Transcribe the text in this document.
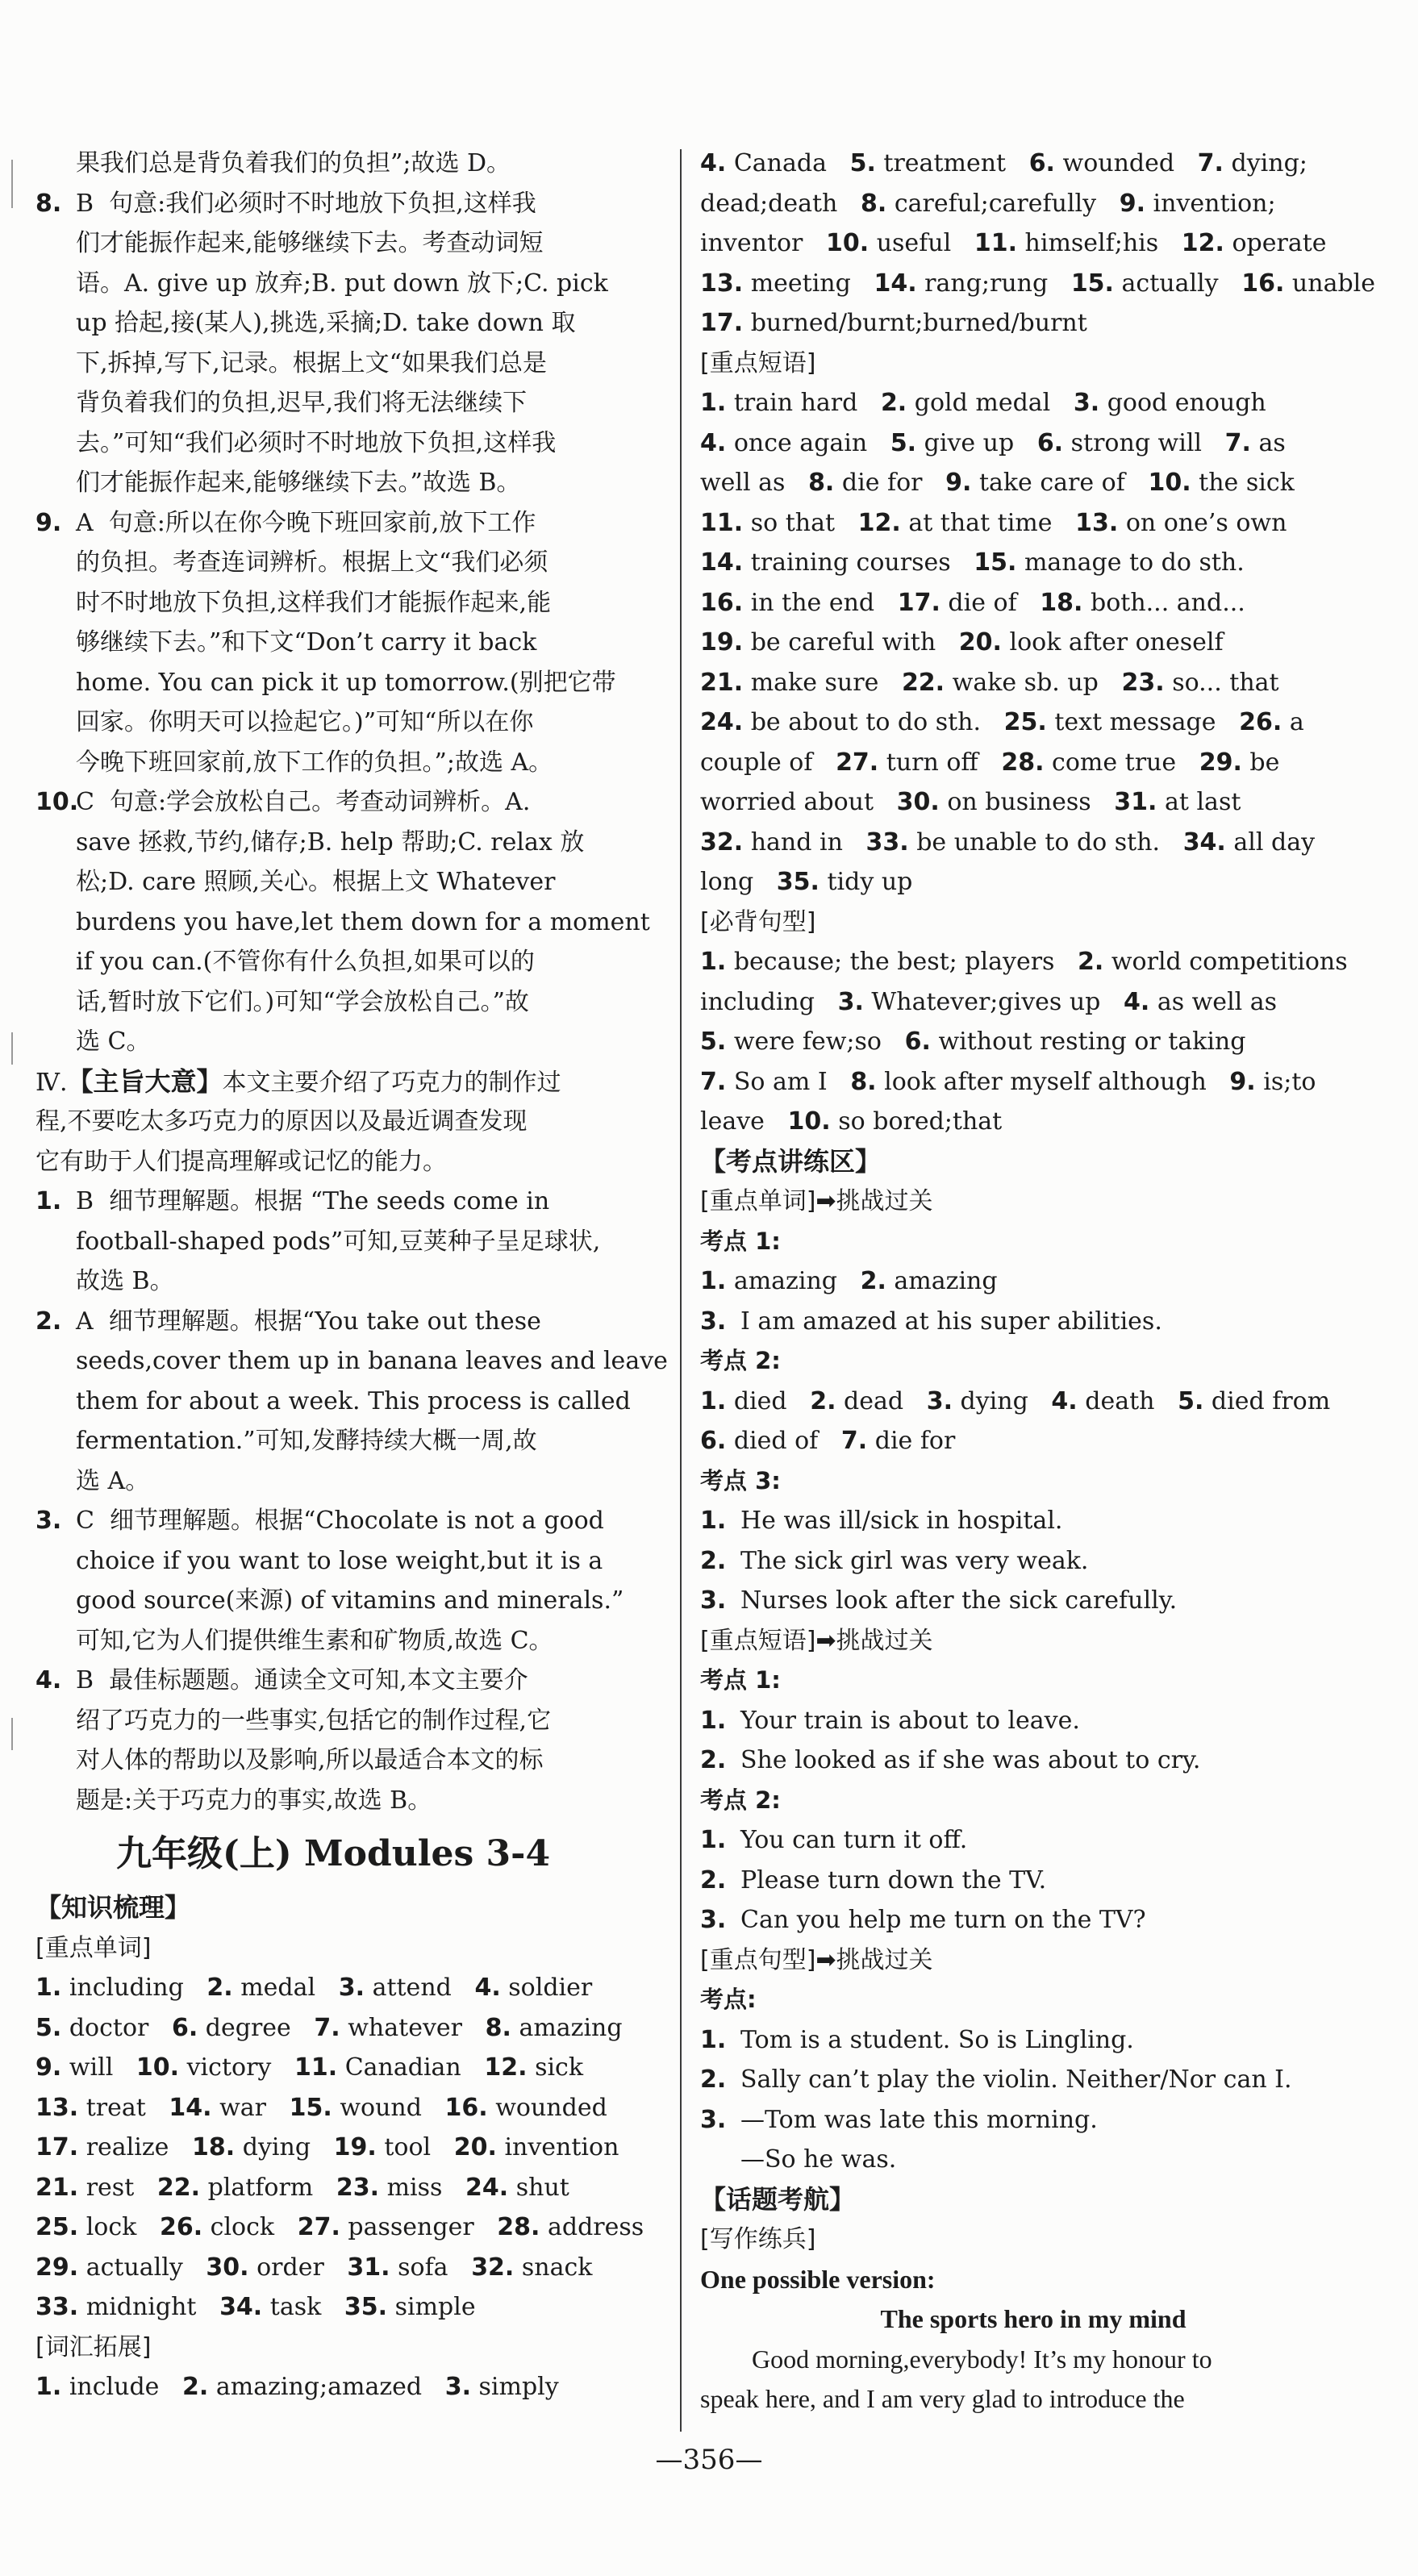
果我们总是背负着我们的负担”;故选 D。
8. B  句意:我们必须时不时地放下负担,这样我
们才能振作起来,能够继续下去。考查动词短
语。A. give up 放弃;B. put down 放下;C. pick
up 拾起,接(某人),挑选,采摘;D. take down 取
下,拆掉,写下,记录。根据上文“如果我们总是
背负着我们的负担,迟早,我们将无法继续下
去。”可知“我们必须时不时地放下负担,这样我
们才能振作起来,能够继续下去。”故选 B。
9. A  句意:所以在你今晚下班回家前,放下工作
的负担。考查连词辨析。根据上文“我们必须
时不时地放下负担,这样我们才能振作起来,能
够继续下去。”和下文“Don’t carry it back
home. You can pick it up tomorrow.(别把它带
回家。你明天可以捡起它。)”可知“所以在你
今晚下班回家前,放下工作的负担。”;故选 A。
10.C  句意:学会放松自己。考查动词辨析。A.
save 拯救,节约,储存;B. help 帮助;C. relax 放
松;D. care 照顾,关心。根据上文 Whatever
burdens you have,let them down for a moment
if you can.(不管你有什么负担,如果可以的
话,暂时放下它们。)可知“学会放松自己。”故
选 C。
Ⅳ.【主旨大意】本文主要介绍了巧克力的制作过
程,不要吃太多巧克力的原因以及最近调查发现
它有助于人们提高理解或记忆的能力。
1. B  细节理解题。根据 “The seeds come in
football-shaped pods”可知,豆荚种子呈足球状,
故选 B。
2. A  细节理解题。根据“You take out these
seeds,cover them up in banana leaves and leave
them for about a week. This process is called
fermentation.”可知,发酵持续大概一周,故
选 A。
3. C  细节理解题。根据“Chocolate is not a good
choice if you want to lose weight,but it is a
good source(来源) of vitamins and minerals.”
可知,它为人们提供维生素和矿物质,故选 C。
4. B  最佳标题题。通读全文可知,本文主要介
绍了巧克力的一些事实,包括它的制作过程,它
对人体的帮助以及影响,所以最适合本文的标
题是:关于巧克力的事实,故选 B。
九年级(上) Modules 3-4
【知识梳理】
[重点单词]
1. including 2. medal 3. attend 4. soldier
5. doctor 6. degree 7. whatever 8. amazing
9. will 10. victory 11. Canadian 12. sick
13. treat 14. war 15. wound 16. wounded
17. realize 18. dying 19. tool 20. invention
21. rest 22. platform 23. miss 24. shut
25. lock 26. clock 27. passenger 28. address
29. actually 30. order 31. sofa 32. snack
33. midnight 34. task 35. simple
[词汇拓展]
1. include 2. amazing;amazed 3. simply
4. Canada 5. treatment 6. wounded 7. dying;
dead;death 8. careful;carefully 9. invention;
inventor 10. useful 11. himself;his 12. operate
13. meeting 14. rang;rung 15. actually 16. unable
17. burned/burnt;burned/burnt
[重点短语]
1. train hard 2. gold medal 3. good enough
4. once again 5. give up 6. strong will 7. as
well as 8. die for 9. take care of 10. the sick
11. so that 12. at that time 13. on one’s own
14. training courses 15. manage to do sth.
16. in the end 17. die of 18. both... and...
19. be careful with 20. look after oneself
21. make sure 22. wake sb. up 23. so... that
24. be about to do sth. 25. text message 26. a
couple of 27. turn off 28. come true 29. be
worried about 30. on business 31. at last
32. hand in 33. be unable to do sth. 34. all day
long 35. tidy up
[必背句型]
1. because; the best; players 2. world competitions
including 3. Whatever;gives up 4. as well as
5. were few;so 6. without resting or taking
7. So am I 8. look after myself although 9. is;to
leave 10. so bored;that
【考点讲练区】
[重点单词]➡挑战过关
考点 1:
1. amazing 2. amazing
3. I am amazed at his super abilities.
考点 2:
1. died 2. dead 3. dying 4. death 5. died from
6. died of 7. die for
考点 3:
1. He was ill/sick in hospital.
2. The sick girl was very weak.
3. Nurses look after the sick carefully.
[重点短语]➡挑战过关
考点 1:
1. Your train is about to leave.
2. She looked as if she was about to cry.
考点 2:
1. You can turn it off.
2. Please turn down the TV.
3. Can you help me turn on the TV?
[重点句型]➡挑战过关
考点:
1. Tom is a student. So is Lingling.
2. Sally can’t play the violin. Neither/Nor can I.
3. —Tom was late this morning.
—So he was.
【话题考航】
[写作练兵]
One possible version:
The sports hero in my mind
Good morning,everybody! It’s my honour to
speak here, and I am very glad to introduce the
—356—
